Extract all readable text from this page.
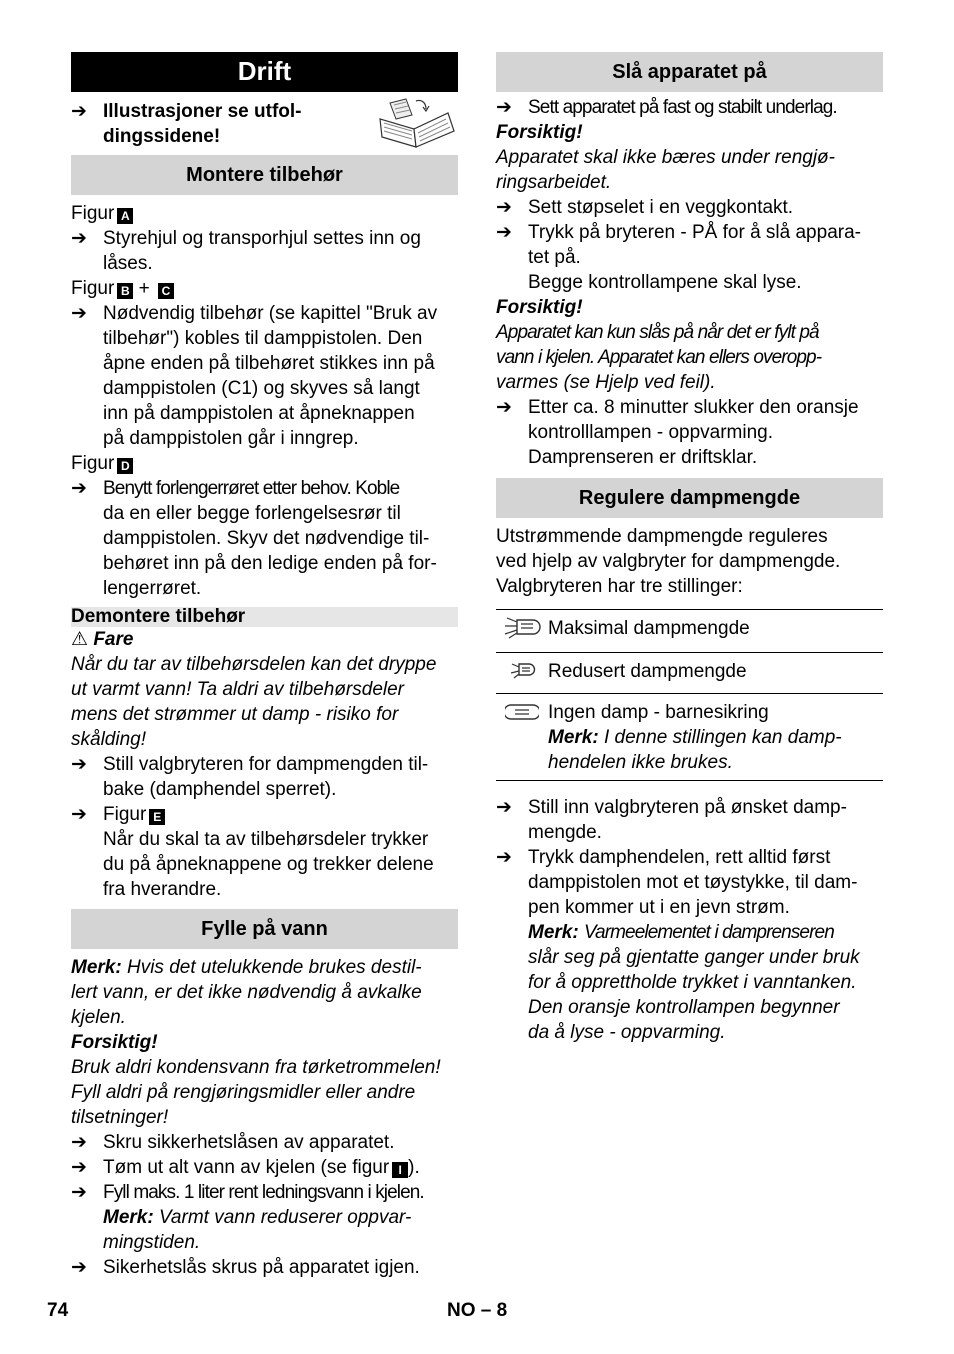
Drift
➔ Illustrasjoner se utfol-
dingssidene!
Montere tilbehør
Figur A
➔ Styrehjul og transporhjul settes inn og
låses.
Figur B + C
➔ Nødvendig tilbehør (se kapittel "Bruk av
tilbehør") kobles til damppistolen. Den
åpne enden på tilbehøret stikkes inn på
damppistolen (C1) og skyves så langt
inn på damppistolen at åpneknappen
på damppistolen går i inngrep.
Figur D
➔ Benytt forlengerrøret etter behov. Koble
da en eller begge forlengelsesrør til
damppistolen. Skyv det nødvendige til-
behøret inn på den ledige enden på for-
lengerrøret.
Demontere tilbehør
⚠ Fare
Når du tar av tilbehørsdelen kan det dryppe
ut varmt vann! Ta aldri av tilbehørsdeler
mens det strømmer ut damp - risiko for
skålding!
➔ Still valgbryteren for dampmengden til-
bake (damphendel sperret).
➔ Figur E
Når du skal ta av tilbehørsdeler trykker
du på åpneknappene og trekker delene
fra hverandre.
Fylle på vann
Merk: Hvis det utelukkende brukes destil-
lert vann, er det ikke nødvendig å avkalke
kjelen.
Forsiktig!
Bruk aldri kondensvann fra tørketrommelen!
Fyll aldri på rengjøringsmidler eller andre
tilsetninger!
➔ Skru sikkerhetslåsen av apparatet.
➔ Tøm ut alt vann av kjelen (se figur I ).
➔ Fyll maks. 1 liter rent ledningsvann i kjelen.
Merk: Varmt vann reduserer oppvar-
mingstiden.
➔ Sikerhetslås skrus på apparatet igjen.
Slå apparatet på
➔ Sett apparatet på fast og stabilt underlag.
Forsiktig!
Apparatet skal ikke bæres under rengjø-
ringsarbeidet.
➔ Sett støpselet i en veggkontakt.
➔ Trykk på bryteren - PÅ for å slå appara-
tet på.
Begge kontrollampene skal lyse.
Forsiktig!
Apparatet kan kun slås på når det er fylt på
vann i kjelen. Apparatet kan ellers overopp-
varmes (se Hjelp ved feil).
➔ Etter ca. 8 minutter slukker den oransje
kontrolllampen - oppvarming.
Damprenseren er driftsklar.
Regulere dampmengde
Utstrømmende dampmengde reguleres
ved hjelp av valgbryter for dampmengde.
Valgbryteren har tre stillinger:
	Maksimal dampmengde
	Redusert dampmengde

Ingen damp - barnesikring
Merk: I denne stillingen kan damp-
hendelen ikke brukes.
➔ Still inn valgbryteren på ønsket damp-
mengde.
➔ Trykk damphendelen, rett alltid først
damppistolen mot et tøystykke, til dam-
pen kommer ut i en jevn strøm.
Merk: Varmeelementet i damprenseren
slår seg på gjentatte ganger under bruk
for å opprettholde trykket i vanntanken.
Den oransje kontrollampen begynner
da å lyse - oppvarming.
74	NO – 8
